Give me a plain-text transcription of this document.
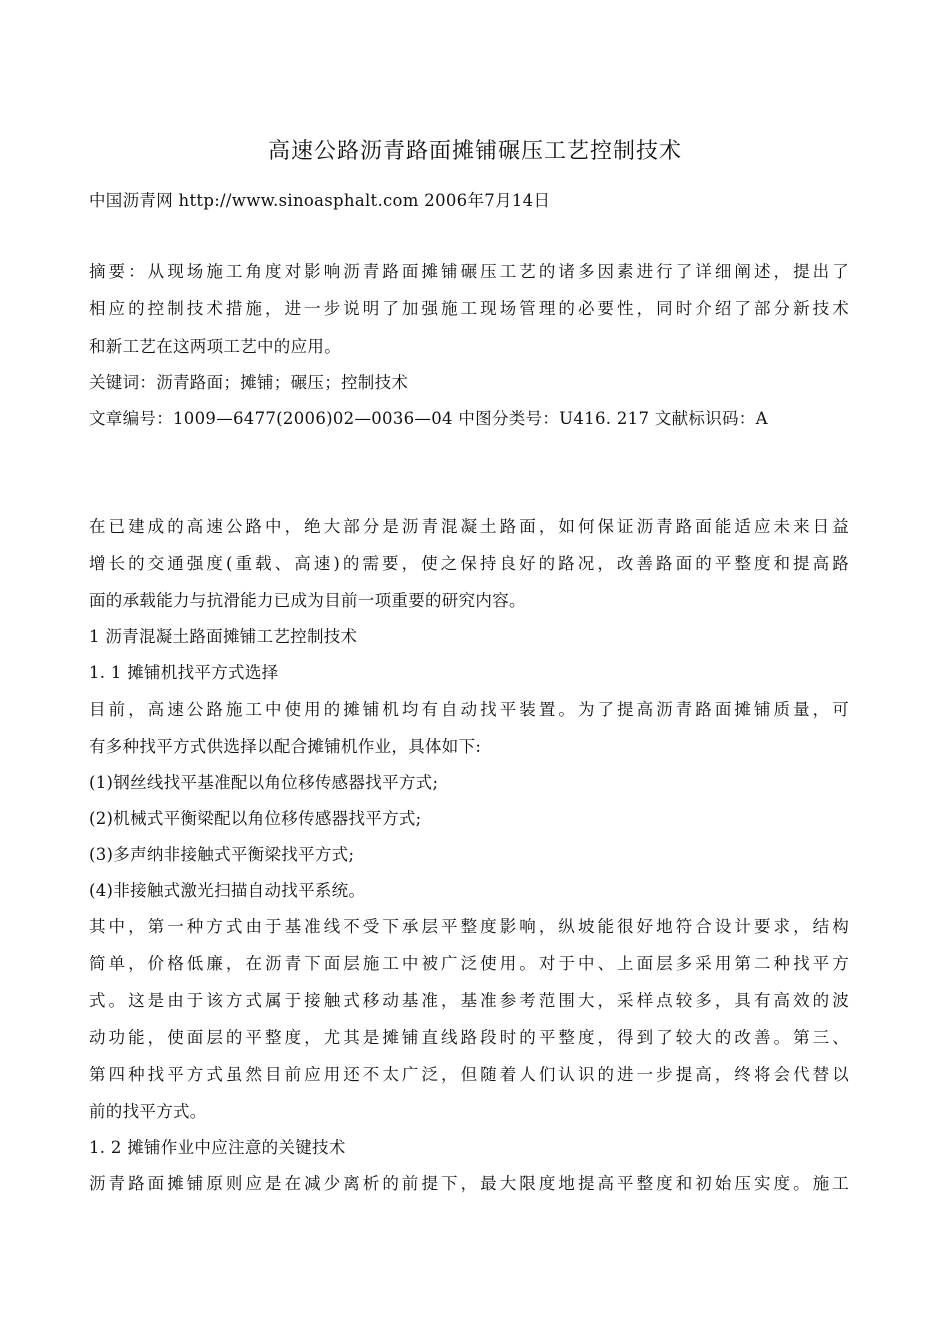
高速公路沥青路面摊铺碾压工艺控制技术
中国沥青网 http://www.sinoasphalt.com 2006年7月14日
摘要：从现场施工角度对影响沥青路面摊铺碾压工艺的诸多因素进行了详细阐述，提出了
相应的控制技术措施，进一步说明了加强施工现场管理的必要性，同时介绍了部分新技术
和新工艺在这两项工艺中的应用。
关键词：沥青路面；摊铺；碾压；控制技术
文章编号：1009—6477(2006)02—0036—04 中图分类号：U416. 217 文献标识码：A
在已建成的高速公路中，绝大部分是沥青混凝土路面，如何保证沥青路面能适应未来日益
增长的交通强度(重载、高速)的需要，使之保持良好的路况，改善路面的平整度和提高路
面的承载能力与抗滑能力已成为目前一项重要的研究内容。
1 沥青混凝土路面摊铺工艺控制技术
1. 1 摊铺机找平方式选择
目前，高速公路施工中使用的摊铺机均有自动找平装置。为了提高沥青路面摊铺质量，可
有多种找平方式供选择以配合摊铺机作业，具体如下:
(1)钢丝线找平基准配以角位移传感器找平方式;
(2)机械式平衡梁配以角位移传感器找平方式;
(3)多声纳非接触式平衡梁找平方式;
(4)非接触式激光扫描自动找平系统。
其中，第一种方式由于基准线不受下承层平整度影响，纵坡能很好地符合设计要求，结构
简单，价格低廉，在沥青下面层施工中被广泛使用。对于中、上面层多采用第二种找平方
式。这是由于该方式属于接触式移动基准，基准参考范围大，采样点较多，具有高效的波
动功能，使面层的平整度，尤其是摊铺直线路段时的平整度，得到了较大的改善。第三、
第四种找平方式虽然目前应用还不太广泛，但随着人们认识的进一步提高，终将会代替以
前的找平方式。
1. 2 摊铺作业中应注意的关键技术
沥青路面摊铺原则应是在减少离析的前提下，最大限度地提高平整度和初始压实度。施工
